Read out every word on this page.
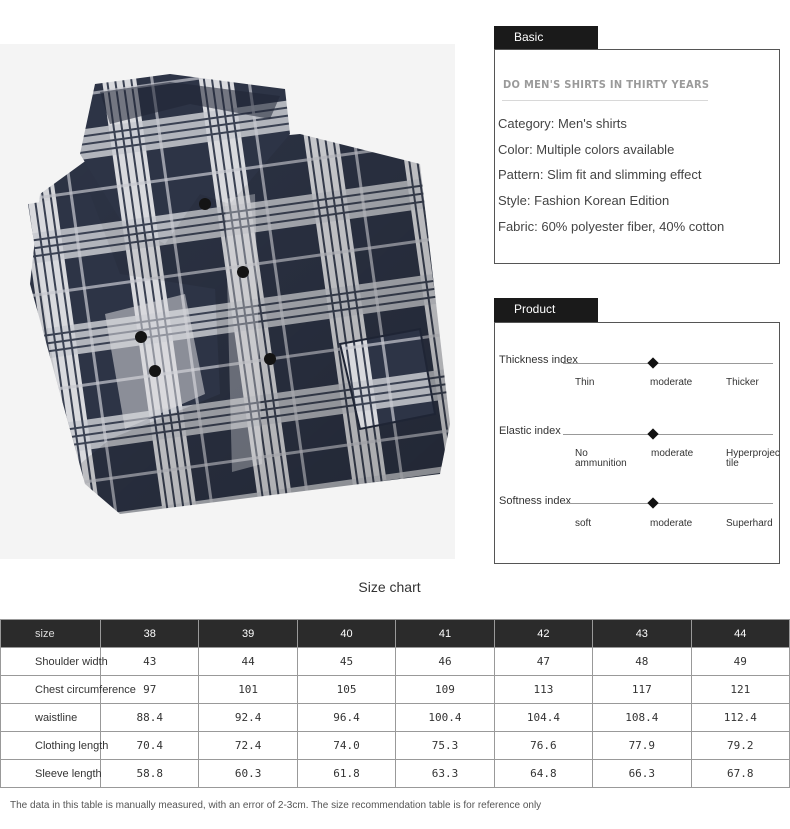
Basic
DO MEN'S SHIRTS IN THIRTY YEARS
Category: Men's shirts
Color: Multiple colors available
Pattern: Slim fit and slimming effect
Style: Fashion Korean Edition
Fabric: 60% polyester fiber, 40% cotton
Product
Thickness index
Thin	moderate	Thicker
Elastic index
No ammunition
moderate	Hyperprojectile
Softness index
soft	moderate	Superhard
Size chart
size	38	39	40	41	42	43	44
Shoulder width	43	44	45	46	47	48	49
Chest circumference	97	101	105	109	113	117	121
waistline	88.4	92.4	96.4	100.4	104.4	108.4	112.4
Clothing length	70.4	72.4	74.0	75.3	76.6	77.9	79.2
Sleeve length	58.8	60.3	61.8	63.3	64.8	66.3	67.8
The data in this table is manually measured, with an error of 2-3cm. The size recommendation table is for reference only
